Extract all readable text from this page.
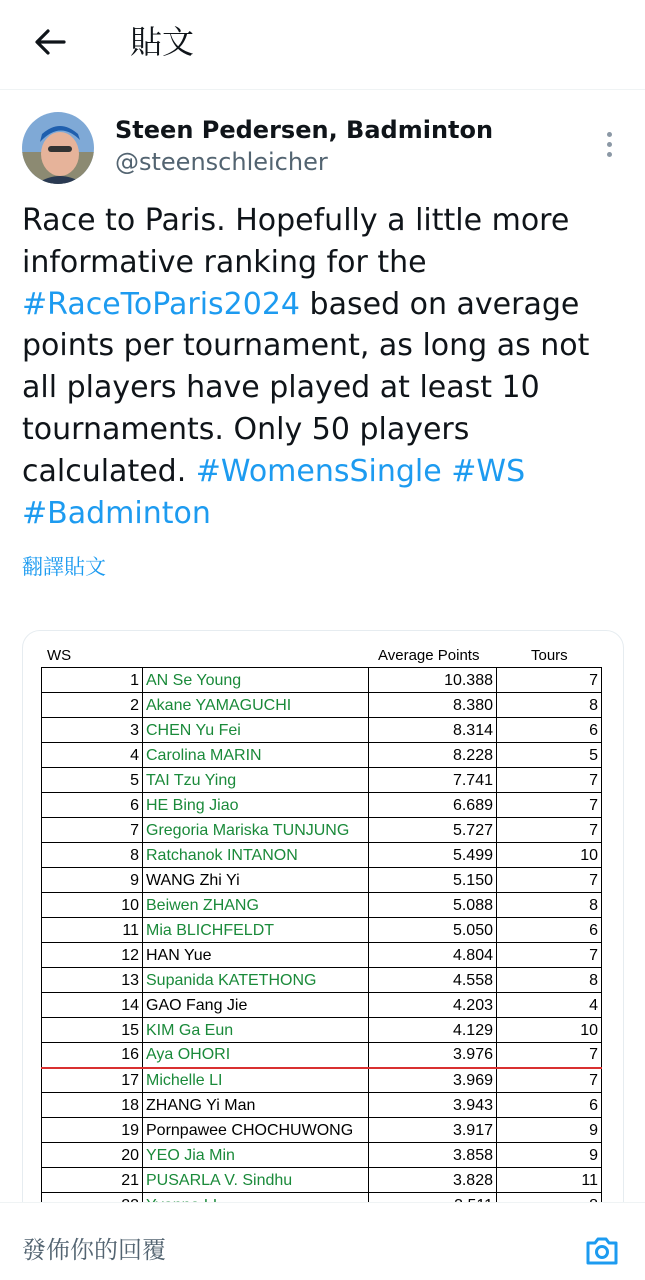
貼文
Steen Pedersen, Badminton
@steenschleicher
Race to Paris. Hopefully a little more informative ranking for the #RaceToParis2024 based on average points per tournament, as long as not all players have played at least 10 tournaments. Only 50 players calculated. #WomensSingle #WS #Badminton
翻譯貼文
WS	Average Points	Tours
1	AN Se Young	10.388	7
2	Akane YAMAGUCHI	8.380	8
3	CHEN Yu Fei	8.314	6
4	Carolina MARIN	8.228	5
5	TAI Tzu Ying	7.741	7
6	HE Bing Jiao	6.689	7
7	Gregoria Mariska TUNJUNG	5.727	7
8	Ratchanok INTANON	5.499	10
9	WANG Zhi Yi	5.150	7
10	Beiwen ZHANG	5.088	8
11	Mia BLICHFELDT	5.050	6
12	HAN Yue	4.804	7
13	Supanida KATETHONG	4.558	8
14	GAO Fang Jie	4.203	4
15	KIM Ga Eun	4.129	10
16	Aya OHORI	3.976	7
17	Michelle LI	3.969	7
18	ZHANG Yi Man	3.943	6
19	Pornpawee CHOCHUWONG	3.917	9
20	YEO Jia Min	3.858	9
21	PUSARLA V. Sindhu	3.828	11

發佈你的回覆
